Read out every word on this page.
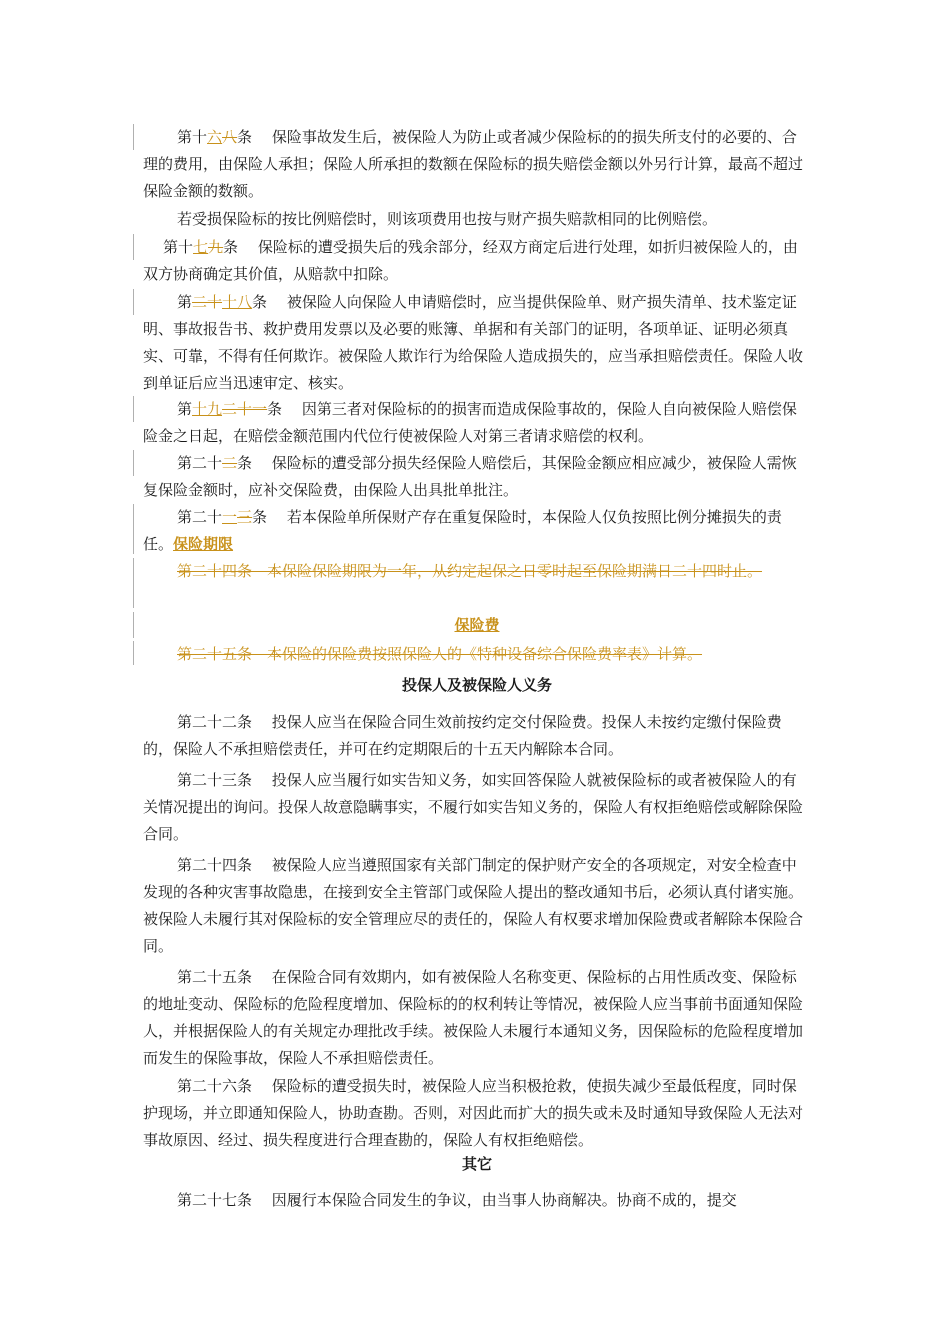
第十六八条　 保险事故发生后，被保险人为防止或者减少保险标的的损失所支付的必要的、合理的费用，由保险人承担；保险人所承担的数额在保险标的损失赔偿金额以外另行计算，最高不超过保险金额的数额。
若受损保险标的按比例赔偿时，则该项费用也按与财产损失赔款相同的比例赔偿。
第十七九条　 保险标的遭受损失后的残余部分，经双方商定后进行处理，如折归被保险人的，由双方协商确定其价值，从赔款中扣除。
第二十十八条　 被保险人向保险人申请赔偿时，应当提供保险单、财产损失清单、技术鉴定证明、事故报告书、救护费用发票以及必要的账簿、单据和有关部门的证明，各项单证、证明必须真实、可靠，不得有任何欺诈。被保险人欺诈行为给保险人造成损失的，应当承担赔偿责任。保险人收到单证后应当迅速审定、核实。
第十九二十一条　 因第三者对保险标的的损害而造成保险事故的，保险人自向被保险人赔偿保险金之日起，在赔偿金额范围内代位行使被保险人对第三者请求赔偿的权利。
第二十二条　 保险标的遭受部分损失经保险人赔偿后，其保险金额应相应减少，被保险人需恢复保险金额时，应补交保险费，由保险人出具批单批注。
第二十一三条　 若本保险单所保财产存在重复保险时，本保险人仅负按照比例分摊损失的责任。保险期限
第二十四条　本保险保险期限为一年，从约定起保之日零时起至保险期满日二十四时止。
保险费
第二十五条　本保险的保险费按照保险人的《特种设备综合保险费率表》计算。
投保人及被保险人义务
第二十二条　 投保人应当在保险合同生效前按约定交付保险费。投保人未按约定缴付保险费的，保险人不承担赔偿责任，并可在约定期限后的十五天内解除本合同。
第二十三条　 投保人应当履行如实告知义务，如实回答保险人就被保险标的或者被保险人的有关情况提出的询问。投保人故意隐瞒事实，不履行如实告知义务的，保险人有权拒绝赔偿或解除保险合同。
第二十四条　 被保险人应当遵照国家有关部门制定的保护财产安全的各项规定，对安全检查中发现的各种灾害事故隐患，在接到安全主管部门或保险人提出的整改通知书后，必须认真付诸实施。被保险人未履行其对保险标的安全管理应尽的责任的，保险人有权要求增加保险费或者解除本保险合同。
第二十五条　 在保险合同有效期内，如有被保险人名称变更、保险标的占用性质改变、保险标的地址变动、保险标的危险程度增加、保险标的的权利转让等情况，被保险人应当事前书面通知保险人，并根据保险人的有关规定办理批改手续。被保险人未履行本通知义务，因保险标的危险程度增加而发生的保险事故，保险人不承担赔偿责任。
第二十六条　 保险标的遭受损失时，被保险人应当积极抢救，使损失减少至最低程度，同时保护现场，并立即通知保险人，协助查勘。否则，对因此而扩大的损失或未及时通知导致保险人无法对事故原因、经过、损失程度进行合理查勘的，保险人有权拒绝赔偿。
其它
第二十七条　 因履行本保险合同发生的争议，由当事人协商解决。协商不成的，提交
